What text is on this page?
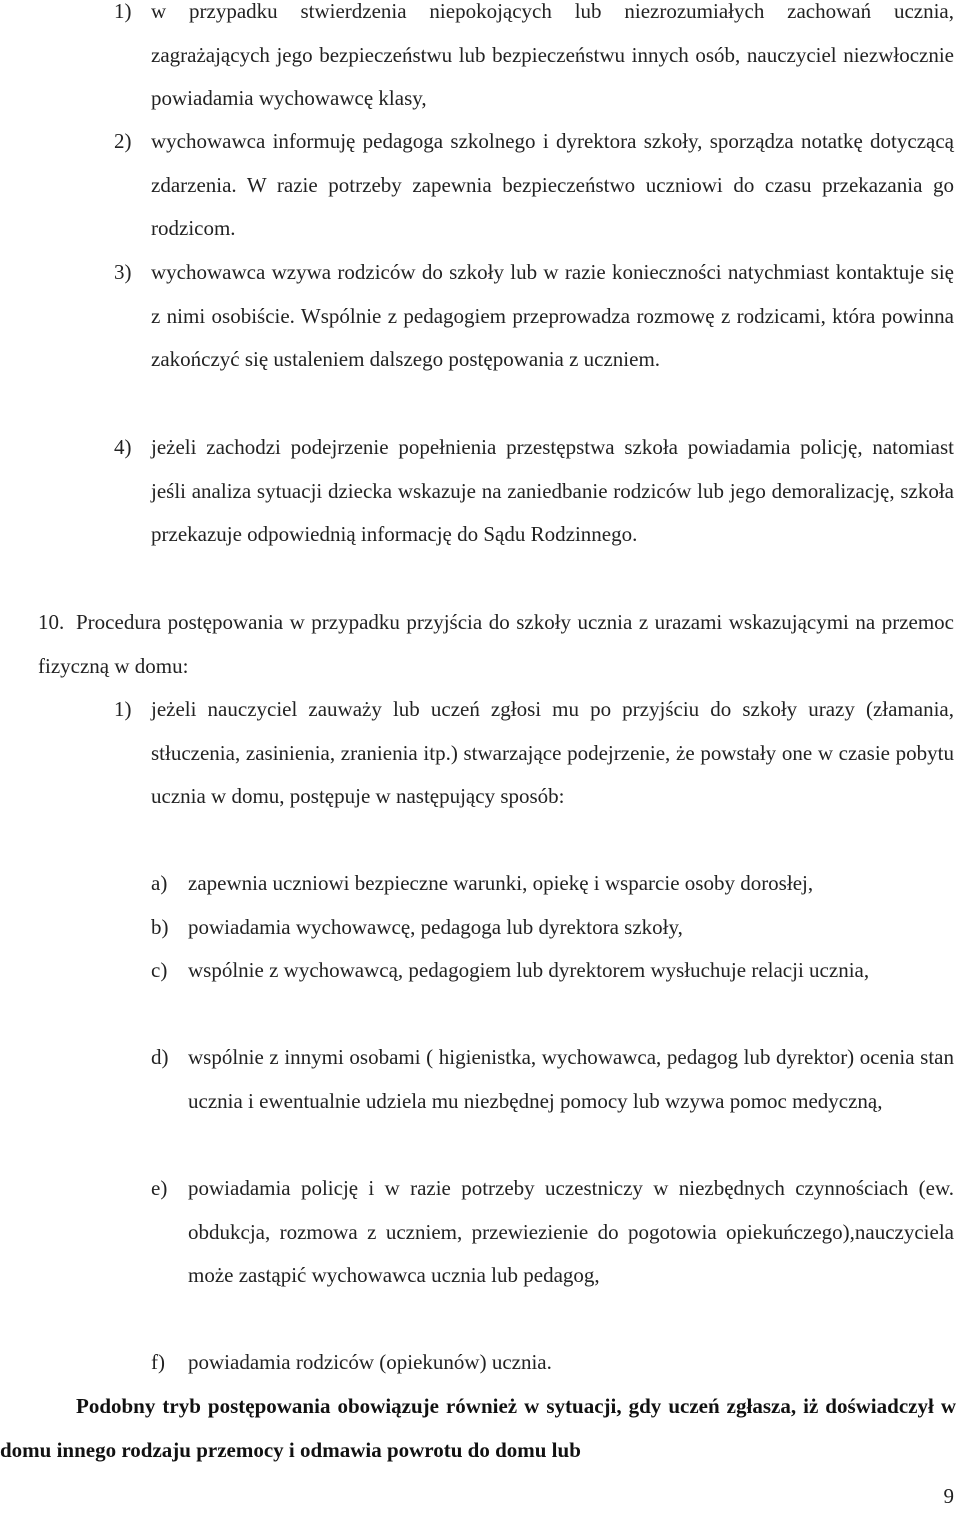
1) w przypadku stwierdzenia niepokojących lub niezrozumiałych zachowań ucznia, zagrażających jego bezpieczeństwu lub bezpieczeństwu innych osób, nauczyciel niezwłocznie powiadamia wychowawcę klasy,
2) wychowawca informuję pedagoga szkolnego i dyrektora szkoły, sporządza notatkę dotyczącą zdarzenia. W razie potrzeby zapewnia bezpieczeństwo uczniowi do czasu przekazania go rodzicom.
3) wychowawca wzywa rodziców do szkoły lub w razie konieczności natychmiast kontaktuje się z nimi osobiście. Wspólnie z pedagogiem przeprowadza rozmowę z rodzicami, która powinna zakończyć się ustaleniem dalszego postępowania z uczniem.
4) jeżeli zachodzi podejrzenie popełnienia przestępstwa szkoła powiadamia policję, natomiast jeśli analiza sytuacji dziecka wskazuje na zaniedbanie rodziców lub jego demoralizację, szkoła przekazuje odpowiednią informację do Sądu Rodzinnego.
10. Procedura postępowania w przypadku przyjścia do szkoły ucznia z urazami wskazującymi na przemoc fizyczną w domu:
1) jeżeli nauczyciel zauważy lub uczeń zgłosi mu po przyjściu do szkoły urazy (złamania, stłuczenia, zasinienia, zranienia itp.) stwarzające podejrzenie, że powstały one w czasie pobytu ucznia w domu, postępuje w następujący sposób:
a) zapewnia uczniowi bezpieczne warunki, opiekę i wsparcie osoby dorosłej,
b) powiadamia wychowawcę, pedagoga lub dyrektora szkoły,
c) wspólnie z wychowawcą, pedagogiem lub dyrektorem wysłuchuje relacji ucznia,
d) wspólnie z innymi osobami ( higienistka, wychowawca, pedagog lub dyrektor) ocenia stan ucznia i ewentualnie udziela mu niezbędnej pomocy lub wzywa pomoc medyczną,
e) powiadamia policję i w razie potrzeby uczestniczy w niezbędnych czynnościach (ew. obdukcja, rozmowa z uczniem, przewiezienie do pogotowia opiekuńczego),nauczyciela może zastąpić wychowawca ucznia lub pedagog,
f) powiadamia rodziców (opiekunów) ucznia.
Podobny tryb postępowania obowiązuje również w sytuacji, gdy uczeń zgłasza, iż doświadczył w domu innego rodzaju przemocy i odmawia powrotu do domu lub
9
